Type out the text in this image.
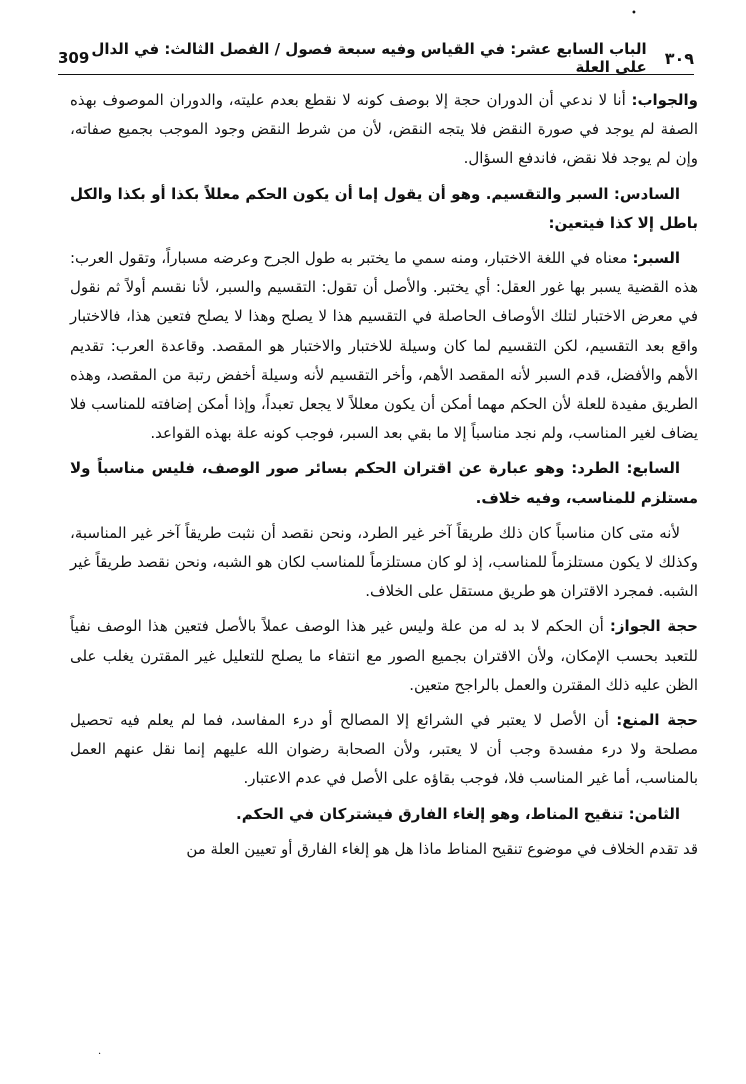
•
309 الباب السابع عشر: في القياس وفيه سبعة فصول / الفصل الثالث: في الدال على العلة	٣٠٩

والجواب: أنا لا ندعي أن الدوران حجة إلا بوصف كونه لا نقطع بعدم عليته، والدوران الموصوف بهذه الصفة لم يوجد في صورة النقض فلا يتجه النقض، لأن من شرط النقض وجود الموجب بجميع صفاته، وإن لم يوجد فلا نقض، فاندفع السؤال.

السادس: السبر والتقسيم. وهو أن يقول إما أن يكون الحكم معللاً بكذا أو بكذا والكل باطل إلا كذا فيتعين:

السبر: معناه في اللغة الاختبار، ومنه سمي ما يختبر به طول الجرح وعرضه مسباراً، وتقول العرب: هذه القضية يسبر بها غور العقل: أي يختبر. والأصل أن تقول: التقسيم والسبر، لأنا نقسم أولاً ثم نقول في معرض الاختبار لتلك الأوصاف الحاصلة في التقسيم هذا لا يصلح وهذا لا يصلح فتعين هذا، فالاختبار واقع بعد التقسيم، لكن التقسيم لما كان وسيلة للاختبار والاختبار هو المقصد. وقاعدة العرب: تقديم الأهم والأفضل، قدم السبر لأنه المقصد الأهم، وأخر التقسيم لأنه وسيلة أخفض رتبة من المقصد، وهذه الطريق مفيدة للعلة لأن الحكم مهما أمكن أن يكون معللاً لا يجعل تعبداً، وإذا أمكن إضافته للمناسب فلا يضاف لغير المناسب، ولم نجد مناسباً إلا ما بقي بعد السبر، فوجب كونه علة بهذه القواعد.

السابع: الطرد: وهو عبارة عن اقتران الحكم بسائر صور الوصف، فليس مناسباً ولا مستلزم للمناسب، وفيه خلاف.

لأنه متى كان مناسباً كان ذلك طريقاً آخر غير الطرد، ونحن نقصد أن نثبت طريقاً آخر غير المناسبة، وكذلك لا يكون مستلزماً للمناسب، إذ لو كان مستلزماً للمناسب لكان هو الشبه، ونحن نقصد طريقاً غير الشبه. فمجرد الاقتران هو طريق مستقل على الخلاف.

حجة الجواز: أن الحكم لا بد له من علة وليس غير هذا الوصف عملاً بالأصل فتعين هذا الوصف نفياً للتعبد بحسب الإمكان، ولأن الاقتران بجميع الصور مع انتفاء ما يصلح للتعليل غير المقترن يغلب على الظن عليه ذلك المقترن والعمل بالراجح متعين.

حجة المنع: أن الأصل لا يعتبر في الشرائع إلا المصالح أو درء المفاسد، فما لم يعلم فيه تحصيل مصلحة ولا درء مفسدة وجب أن لا يعتبر، ولأن الصحابة رضوان الله عليهم إنما نقل عنهم العمل بالمناسب، أما غير المناسب فلا، فوجب بقاؤه على الأصل في عدم الاعتبار.

الثامن: تنقيح المناط، وهو إلغاء الفارق فيشتركان في الحكم.

قد تقدم الخلاف في موضوع تنقيح المناط ماذا هل هو إلغاء الفارق أو تعيين العلة من

·
